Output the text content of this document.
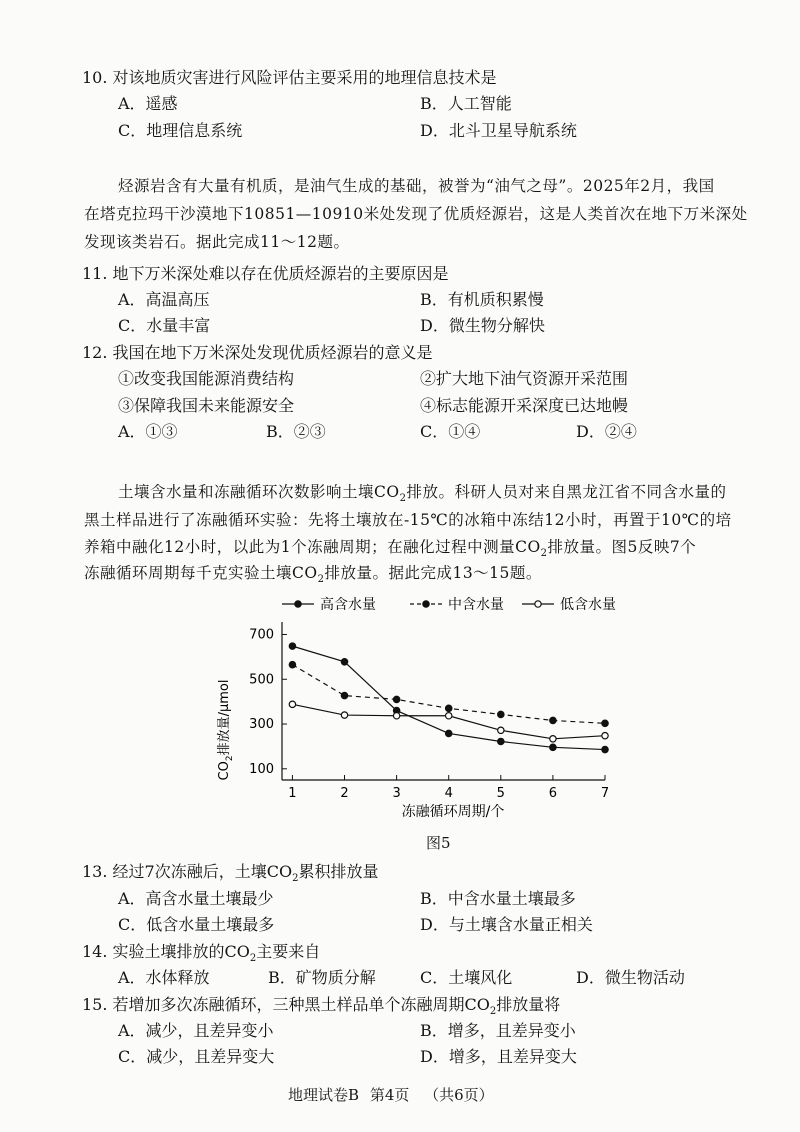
10. 对该地质灾害进行风险评估主要采用的地理信息技术是
A．遥感	B．人工智能
C．地理信息系统	D．北斗卫星导航系统
烃源岩含有大量有机质，是油气生成的基础，被誉为“油气之母”。2025年2月，我国
在塔克拉玛干沙漠地下10851—10910米处发现了优质烃源岩，这是人类首次在地下万米深处
发现该类岩石。据此完成11～12题。
11. 地下万米深处难以存在优质烃源岩的主要原因是
A．高温高压	B．有机质积累慢
C．水量丰富	D．微生物分解快
12. 我国在地下万米深处发现优质烃源岩的意义是
①改变我国能源消费结构	②扩大地下油气资源开采范围
③保障我国未来能源安全	④标志能源开采深度已达地幔
A．①③	B．②③	C．①④	D．②④
土壤含水量和冻融循环次数影响土壤$CO_2$排放。科研人员对来自黑龙江省不同含水量的
黑土样品进行了冻融循环实验：先将土壤放在-15℃的冰箱中冻结12小时，再置于10℃的培
养箱中融化12小时，以此为1个冻融周期；在融化过程中测量$CO_2$排放量。图5反映7个
冻融循环周期每千克实验土壤$CO_2$排放量。据此完成13～15题。
高含水量	中含水量	低含水量
100
300
500
700
1	2	3	4	5	6	7
$CO_2$排放量/μmol
冻融循环周期/个
图5
13. 经过7次冻融后，土壤$CO_2$累积排放量
A．高含水量土壤最少	B．中含水量土壤最多
C．低含水量土壤最多	D．与土壤含水量正相关
14. 实验土壤排放的$CO_2$主要来自
A．水体释放	B．矿物质分解	C．土壤风化	D．微生物活动
15. 若增加多次冻融循环，三种黑土样品单个冻融周期$CO_2$排放量将
A．减少，且差异变小	B．增多，且差异变小
C．减少，且差异变大	D．增多，且差异变大
地理试卷B 第4页 （共6页）
